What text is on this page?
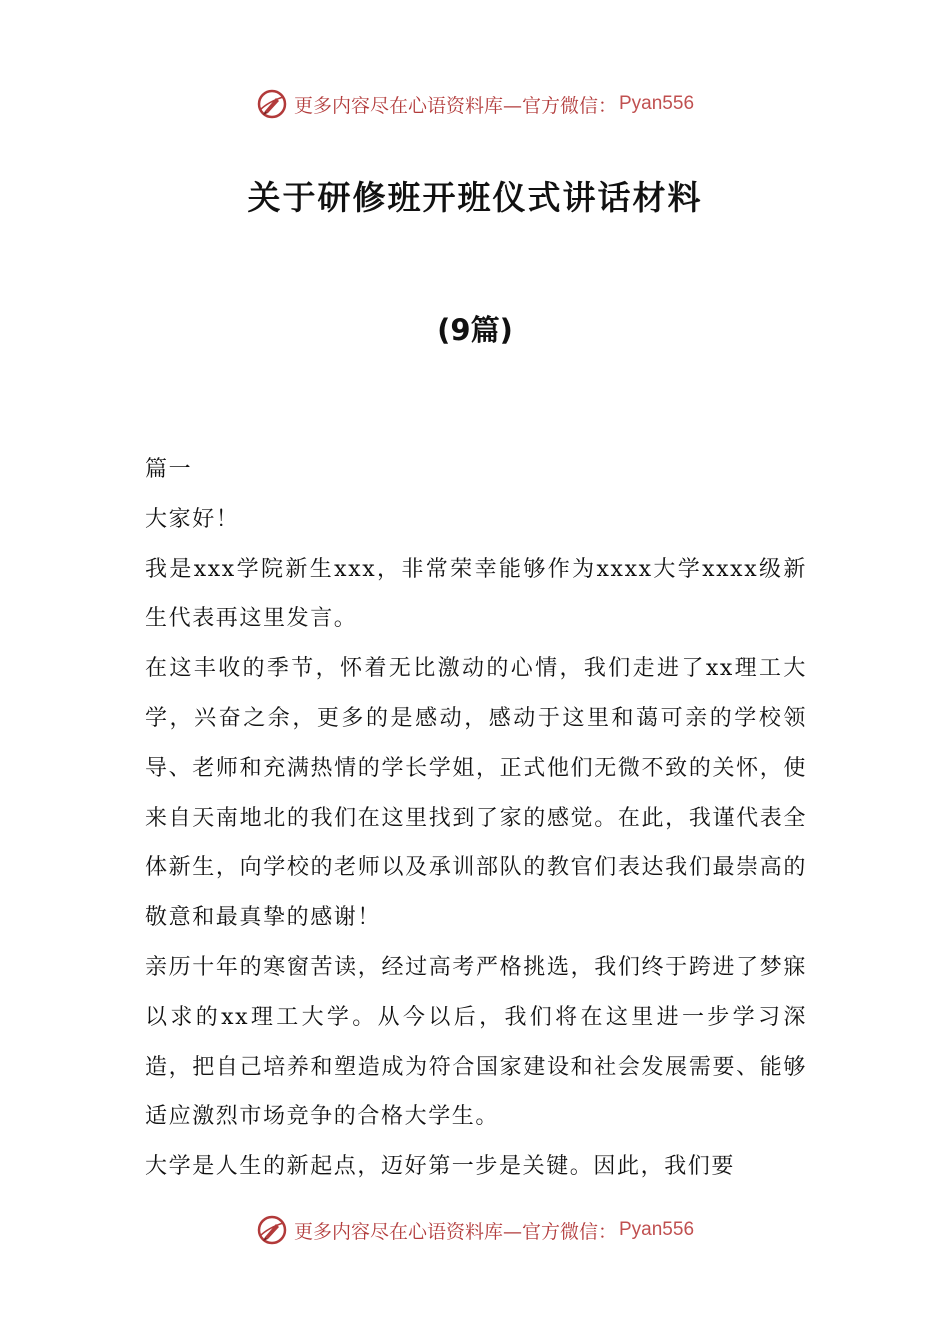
更多内容尽在心语资料库—官方微信： Pyan556
关于研修班开班仪式讲话材料
(9篇)

篇一

大家好！

我是xxx学院新生xxx，非常荣幸能够作为xxxx大学xxxx级新生代表再这里发言。

在这丰收的季节，怀着无比激动的心情，我们走进了xx理工大学，兴奋之余，更多的是感动，感动于这里和蔼可亲的学校领导、老师和充满热情的学长学姐，正式他们无微不致的关怀，使来自天南地北的我们在这里找到了家的感觉。在此，我谨代表全体新生，向学校的老师以及承训部队的教官们表达我们最崇高的敬意和最真挚的感谢！

亲历十年的寒窗苦读，经过高考严格挑选，我们终于跨进了梦寐以求的xx理工大学。从今以后，我们将在这里进一步学习深造，把自己培养和塑造成为符合国家建设和社会发展需要、能够适应激烈市场竞争的合格大学生。

大学是人生的新起点，迈好第一步是关键。因此，我们要

更多内容尽在心语资料库—官方微信： Pyan556
